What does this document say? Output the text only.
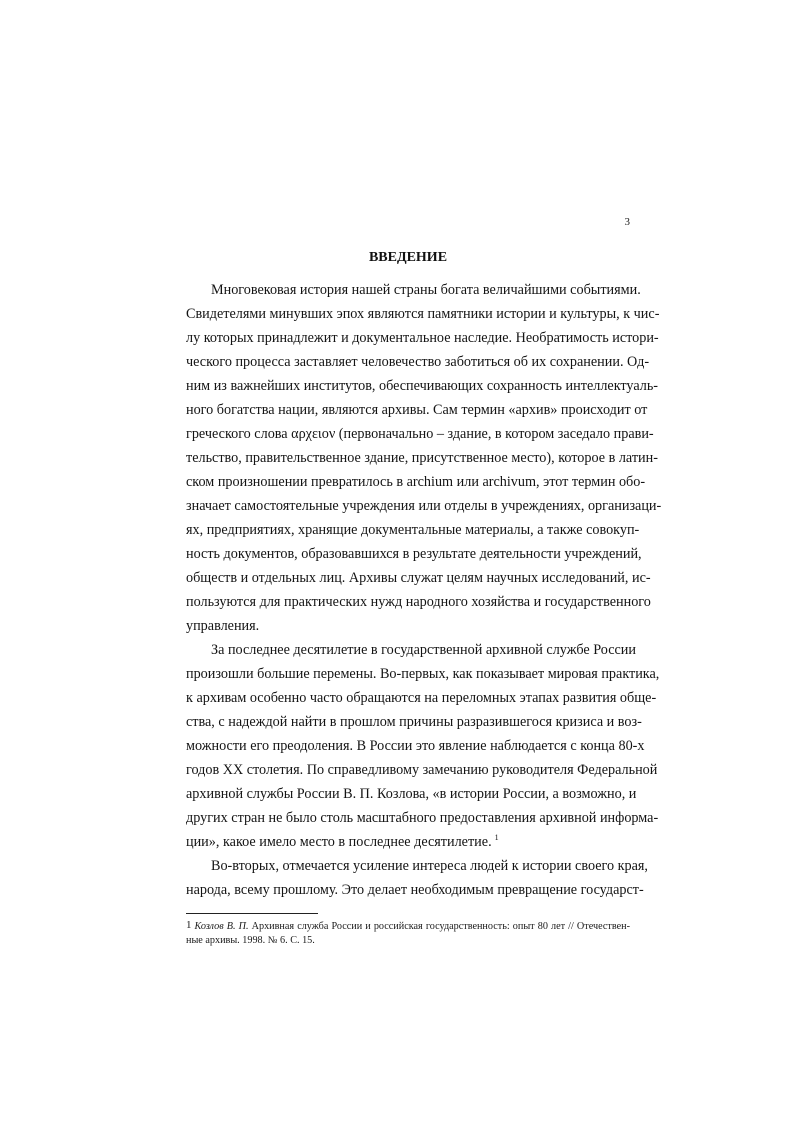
3
ВВЕДЕНИЕ
Многовековая история нашей страны богата величайшими событиями.
Свидетелями минувших эпох являются памятники истории и культуры, к чис-
лу которых принадлежит и документальное наследие. Необратимость истори-
ческого процесса заставляет человечество заботиться об их сохранении. Од-
ним из важнейших институтов, обеспечивающих сохранность интеллектуаль-
ного богатства нации, являются архивы. Сам термин «архив» происходит от
греческого слова αρχειον (первоначально – здание, в котором заседало прави-
тельство, правительственное здание, присутственное место), которое в латин-
ском произношении превратилось в archium или archivum, этот термин обо-
значает самостоятельные учреждения или отделы в учреждениях, организаци-
ях, предприятиях, хранящие документальные материалы, а также совокуп-
ность документов, образовавшихся в результате деятельности учреждений,
обществ и отдельных лиц. Архивы служат целям научных исследований, ис-
пользуются для практических нужд народного хозяйства и государственного
управления.
За последнее десятилетие в государственной архивной службе России
произошли большие перемены. Во-первых, как показывает мировая практика,
к архивам особенно часто обращаются на переломных этапах развития обще-
ства, с надеждой найти в прошлом причины разразившегося кризиса и воз-
можности его преодоления. В России это явление наблюдается с конца 80-х
годов XX столетия. По справедливому замечанию руководителя Федеральной
архивной службы России В. П. Козлова, «в истории России, а возможно, и
других стран не было столь масштабного предоставления архивной информа-
ции», какое имело место в последнее десятилетие. $^1$
Во-вторых, отмечается усиление интереса людей к истории своего края,
народа, всему прошлому. Это делает необходимым превращение государст-
1 Козлов В. П. Архивная служба России и российская государственность: опыт 80 лет // Отечествен-
ные архивы. 1998. № 6. С. 15.
